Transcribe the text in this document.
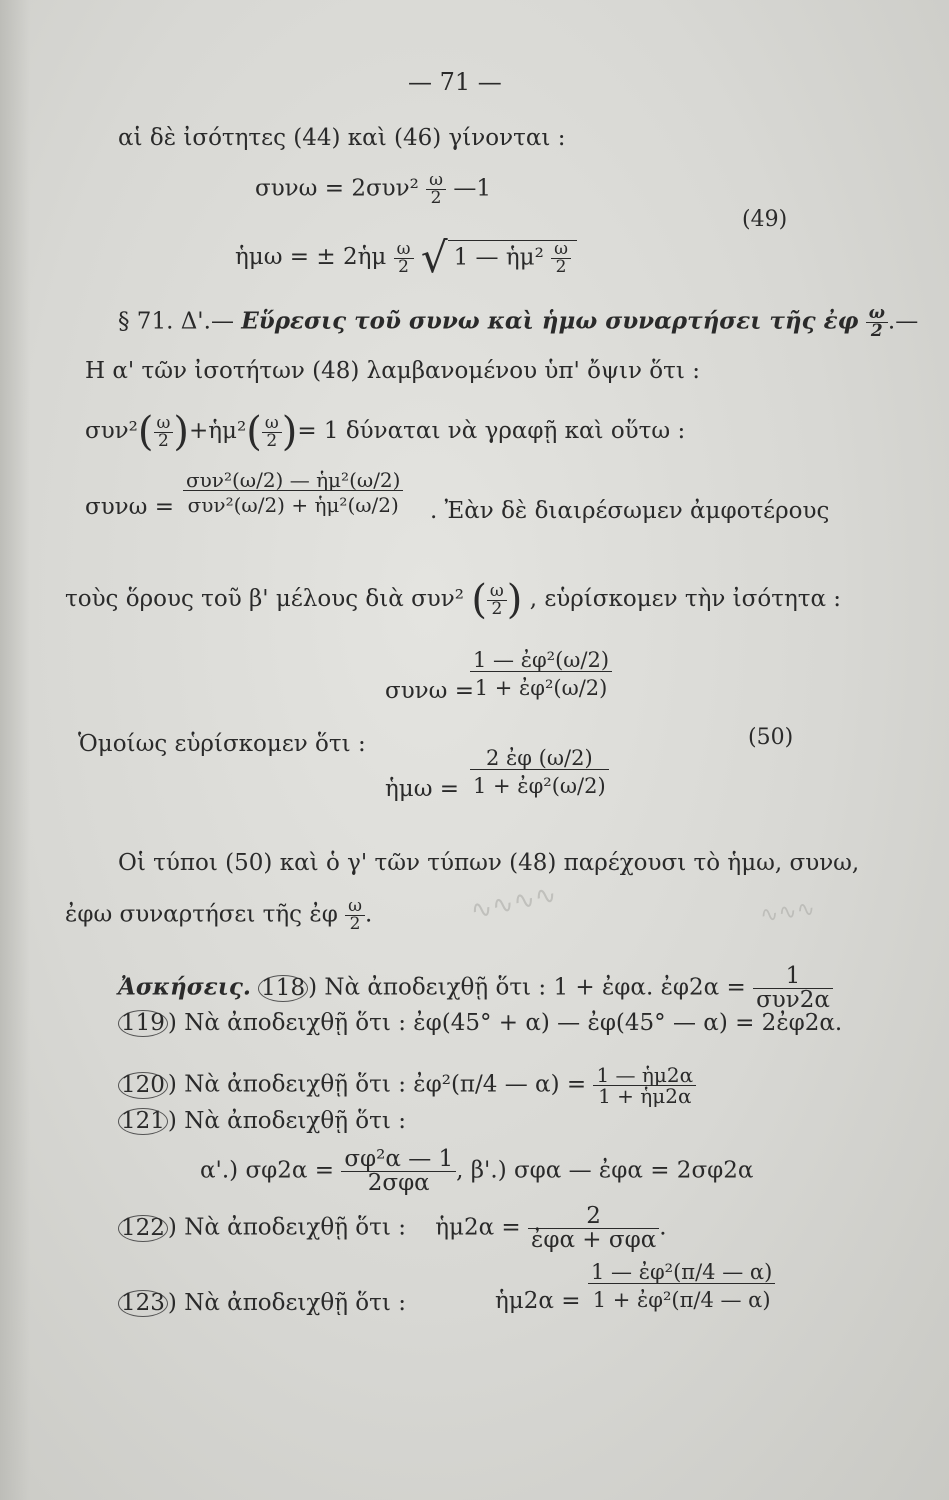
— 71 —
αἱ δὲ ἰσότητες (44) καὶ (46) γίνονται :
$\sigma\upsilon\nu\omega = 2\sigma\upsilon\nu^2 \frac{\omega}{2}$ —1
ἡμω = ± 2ἡμ $\frac{\omega}{2}$ √ 1 — ἡμ² $\frac{\omega}{2}$
(49)
§ 71. Δ'.— Εὕρεσις τοῦ συνω καὶ ἡμω συναρτήσει τῆς ἐφ $\frac{\omega}{2}$ .—
Η α' τῶν ἰσοτήτων (48) λαμβανομένου ὑπ' ὄψιν ὅτι :
$\sigma\upsilon\nu^2( \frac{\omega}{2}$ )+ἡμ²( $\frac{\omega}{2}$ )= 1 δύναται νὰ γραφῇ καὶ οὕτω :
$\sigma\upsilon\nu\omega = \frac{\text{συν²(ω/2) — ἡμ²(ω/2)}}{\text{συν²(ω/2) + ἡμ²(ω/2)}}$ . Ἐὰν δὲ διαιρέσωμεν ἀμφοτέρους
τοὺς ὅρους τοῦ β' μέλους διὰ συν² ( $\frac{\omega}{2}$ ) , εὑρίσκομεν τὴν ἰσότητα :
συνω =
$\frac{\text{1 — ἐφ²(ω/2)}}{\text{1 + ἐφ²(ω/2)}}$
Ὁμοίως εὑρίσκομεν ὅτι :	(50)
ἡμω = $\frac{\text{2 ἐφ (ω/2)}}{\text{1 + ἐφ²(ω/2)}}$
Οἱ τύποι (50) καὶ ὁ γ' τῶν τύπων (48) παρέχουσι τὸ ἡμω, συνω,
ἐφω συναρτήσει τῆς ἐφ $\frac{\omega}{2}$ .	∿∿∿∿	∿∿∿
Ἀσκήσεις. 118 ) Νὰ ἀποδειχθῇ ὅτι : 1 + ἐφα. ἐφ2α = $\frac{1}{\text{συν2α}}$
119 ) Νὰ ἀποδειχθῇ ὅτι : ἐφ(45° + α) — ἐφ(45° — α) = 2ἐφ2α.
120 ) Νὰ ἀποδειχθῇ ὅτι : ἐφ²(π/4 — $\alpha) = \frac{\text{1 — ἡμ2α}}{\text{1 + ἡμ2α}}$
121 ) Νὰ ἀποδειχθῇ ὅτι :
α'.) $\sigma\varphi 2\alpha = \frac{\text{σφ²α — 1}}{\text{2σφα}}$ , β'.) σφα — ἐφα = 2σφ2α
122 ) Νὰ ἀποδειχθῇ ὅτι : ἡμ2α = $\frac{2}{\text{ἐφα + σφα}}$ .
123 ) Νὰ ἀποδειχθῇ ὅτι :	ἡμ2α = $\frac{\text{1 — ἐφ²(π/4 — α)}}{\text{1 + ἐφ²(π/4 — α)}}$
